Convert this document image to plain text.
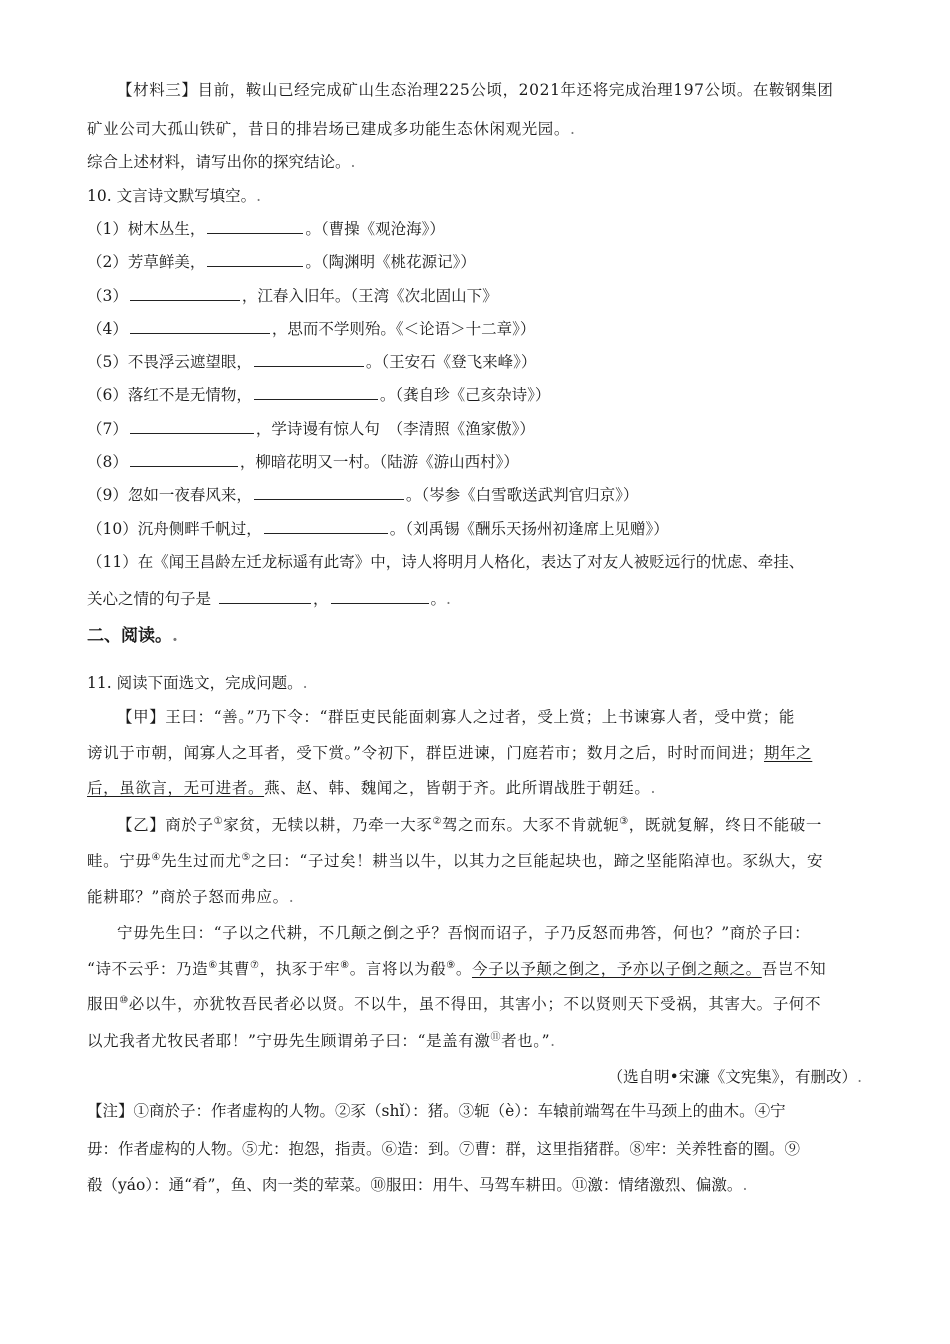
【材料三】目前，鞍山已经完成矿山生态治理225公顷，2021年还将完成治理197公顷。在鞍钢集团
矿业公司大孤山铁矿，昔日的排岩场已建成多功能生态休闲观光园。.
综合上述材料，请写出你的探究结论。.
10. 文言诗文默写填空。.
（1）树木丛生，	。（曹操《观沧海》）
（2）芳草鲜美，	。（陶渊明《桃花源记》）
（3）	，江春入旧年。（王湾《次北固山下》
（4）	，思而不学则殆。《＜论语＞十二章》）
（5）不畏浮云遮望眼，	。（王安石《登飞来峰》）
（6）落红不是无情物，	。（龚自珍《己亥杂诗》）
（7）	，学诗谩有惊人句　（李清照《渔家傲》）
（8）	，柳暗花明又一村。（陆游《游山西村》）
（9）忽如一夜春风来，	。（岑参《白雪歌送武判官归京》）
（10）沉舟侧畔千帆过，	。（刘禹锡《酬乐天扬州初逢席上见赠》）
（11）在《闻王昌龄左迁龙标遥有此寄》中，诗人将明月人格化，表达了对友人被贬远行的忧虑、牵挂、
关心之情的句子是	，	。.
二、阅读。.
11. 阅读下面选文，完成问题。.
【甲】王曰：“善。”乃下令：“群臣吏民能面刺寡人之过者，受上赏；上书谏寡人者，受中赏；能
谤讥于市朝，闻寡人之耳者，受下赏。”令初下，群臣进谏，门庭若市；数月之后，时时而间进；期年之
后，虽欲言，无可进者。燕、赵、韩、魏闻之，皆朝于齐。此所谓战胜于朝廷。.
【乙】商於子①家贫，无犊以耕，乃牵一大豕②驾之而东。大豕不肯就轭③，既就复解，终日不能破一
畦。宁毋④先生过而尤⑤之曰：“子过矣！耕当以牛，以其力之巨能起块也，蹄之坚能陷淖也。豕纵大，安
能耕耶？”商於子怒而弗应。.
宁毋先生曰：“子以之代耕，不几颠之倒之乎？吾悯而诏子，子乃反怒而弗答，何也？”商於子曰：
“诗不云乎：乃造⑥其曹⑦，执豕于牢⑧。言将以为殽⑨。今子以予颠之倒之，予亦以子倒之颠之。吾岂不知
服田⑩必以牛，亦犹牧吾民者必以贤。不以牛，虽不得田，其害小；不以贤则天下受祸，其害大。子何不
以尤我者尤牧民者耶！”宁毋先生顾谓弟子曰：“是盖有激⑪者也。”.
（选自明•宋濂《文宪集》，有删改）.
【注】①商於子：作者虚构的人物。②豕（shǐ）：猪。③轭（è）：车辕前端驾在牛马颈上的曲木。④宁
毋：作者虚构的人物。⑤尤：抱怨，指责。⑥造：到。⑦曹：群，这里指猪群。⑧牢：关养牲畜的圈。⑨
殽（yáo）：通“肴”，鱼、肉一类的荤菜。⑩服田：用牛、马驾车耕田。⑪激：情绪激烈、偏激。.
